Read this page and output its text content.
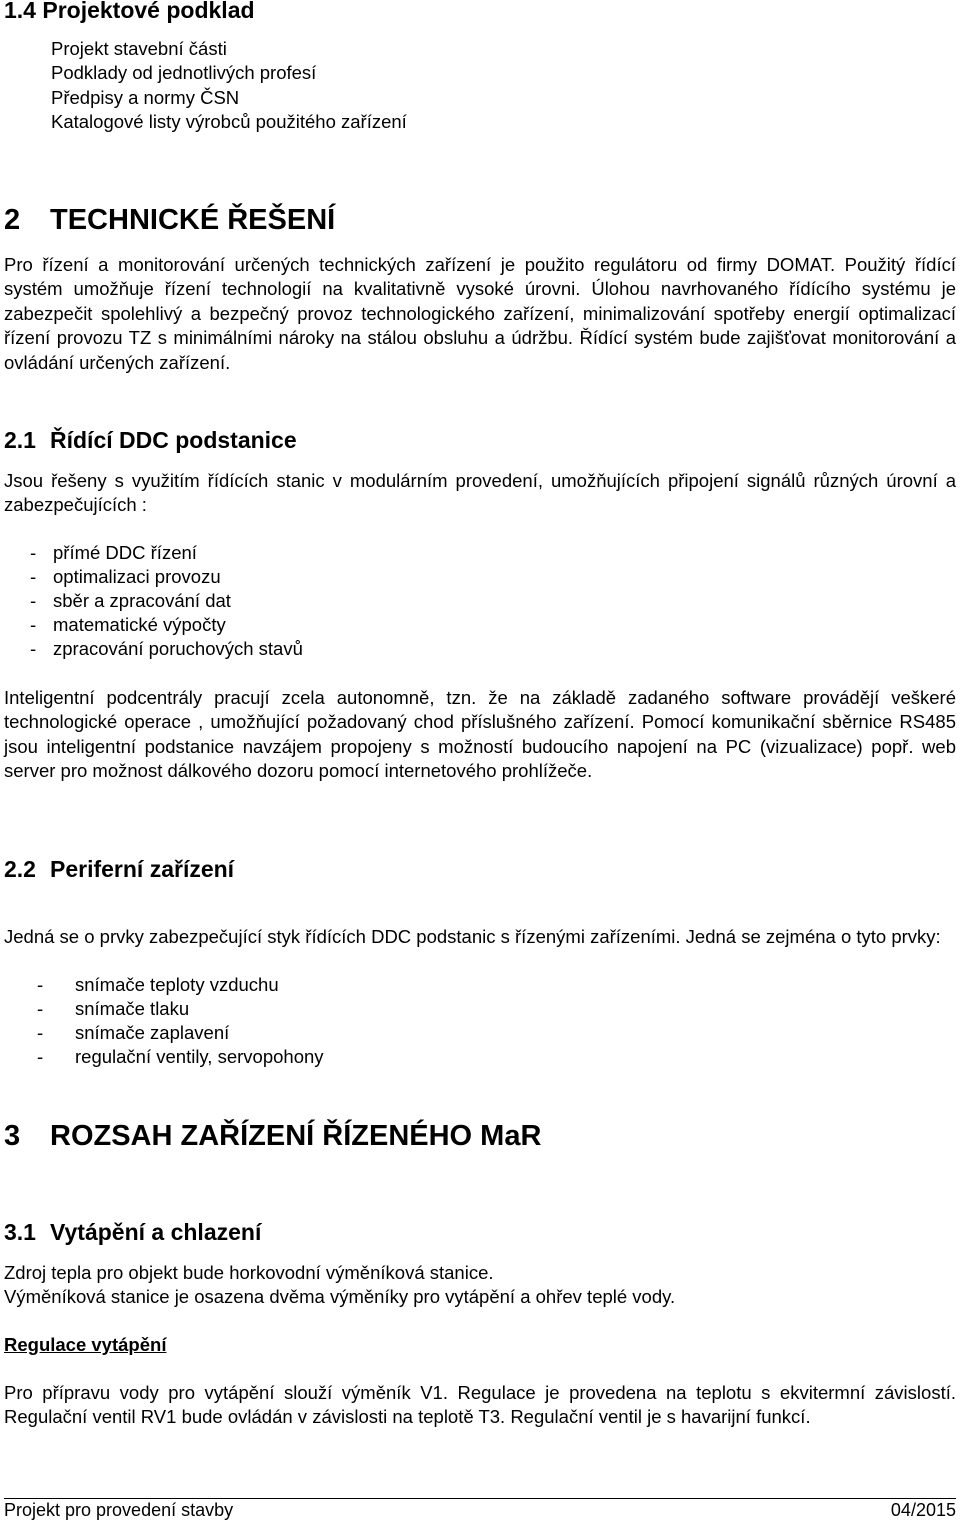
1.4 Projektové podklad
Projekt stavební části
Podklady od jednotlivých profesí
Předpisy a normy ČSN
Katalogové listy výrobců použitého zařízení
2 TECHNICKÉ ŘEŠENÍ
Pro řízení a monitorování určených technických zařízení je použito regulátoru od firmy DOMAT. Použitý řídící systém umožňuje řízení technologií na kvalitativně vysoké úrovni. Úlohou navrhovaného řídícího systému je zabezpečit spolehlivý a bezpečný provoz technologického zařízení, minimalizování spotřeby energií optimalizací řízení provozu TZ s minimálními nároky na stálou obsluhu a údržbu. Řídící systém bude zajišťovat monitorování a ovládání určených zařízení.
2.1 Řídící DDC podstanice
Jsou řešeny s využitím řídících stanic v modulárním provedení, umožňujících připojení signálů různých úrovní a zabezpečujících :
- přímé DDC řízení
- optimalizaci provozu
- sběr a zpracování dat
- matematické výpočty
- zpracování poruchových stavů
Inteligentní podcentrály pracují zcela autonomně, tzn. že na základě zadaného software provádějí veškeré technologické operace , umožňující požadovaný chod příslušného zařízení. Pomocí komunikační sběrnice RS485 jsou inteligentní podstanice navzájem propojeny s možností budoucího napojení na PC (vizualizace) popř. web server pro možnost dálkového dozoru pomocí internetového prohlížeče.
2.2 Periferní zařízení
Jedná se o prvky zabezpečující styk řídících DDC podstanic s řízenými zařízeními. Jedná se zejména o tyto prvky:
- snímače teploty vzduchu
- snímače tlaku
- snímače zaplavení
- regulační ventily, servopohony
3 ROZSAH ZAŘÍZENÍ ŘÍZENÉHO MaR
3.1 Vytápění a chlazení
Zdroj tepla pro objekt bude horkovodní výměníková stanice.
Výměníková stanice je osazena dvěma výměníky pro vytápění a ohřev teplé vody.
Regulace vytápění
Pro přípravu vody pro vytápění slouží výměník V1. Regulace je provedena na teplotu s ekvitermní závislostí. Regulační ventil RV1 bude ovládán v závislosti na teplotě T3. Regulační ventil je s havarijní funkcí.
Projekt pro provedení stavby	04/2015
